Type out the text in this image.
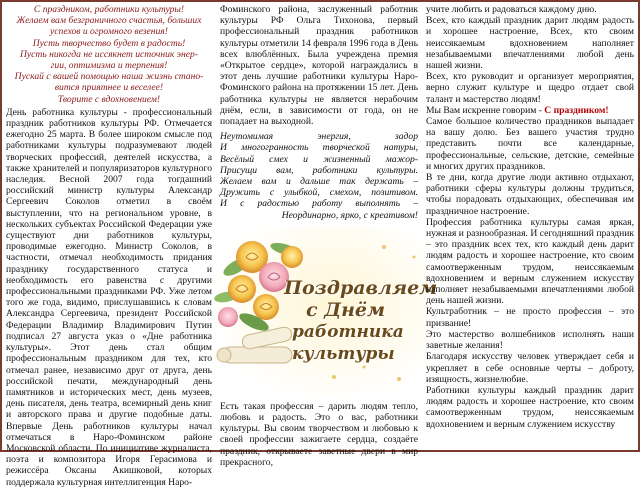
С праздником, работники культуры!
Желаем вам безграничного счастья, больших
успехов и огромного везения!
Пусть творчество будет в радость!
Пусть никогда не иссякнет источник энер-
гии, оптимизма и терпения!
Пускай с вашей помощью наша жизнь стано-
вится приятнее и веселее!
Творите с вдохновением!

День работника культуры - профессиональный праздник работников культуры РФ. Отмечается ежегодно 25 марта. В более широком смысле под работниками культуры подразумевают людей творческих профессий, деятелей искусства, а также хранителей и популяризаторов культурного наследия. Весной 2007 года тогдашний российский министр культуры Александр Сергеевич Соколов отметил в своём выступлении, что на региональном уровне, в нескольких субъектах Российской Федерации уже существуют дни работников культуры, проводимые ежегодно. Министр Соколов, в частности, отмечал необходимость придания празднику государственного статуса и необходимость его равенства с другими профессиональными праздниками РФ. Уже летом того же года, видимо, прислушавшись к словам Александра Сергеевича, президент Российской Федерации Владимир Владимирович Путин подписал 27 августа указ о «Дне работника культуры». Этот день стал общим профессиональным праздником для тех, кто отмечал ранее, независимо друг от друга, день российской печати, международный день памятников и исторических мест, день музеев, день писателя, день театра, всемирный день книг и авторского права и другие подобные даты. Впервые День работников культуры начал отмечаться в Наро-Фоминском районе Московской области. По инициативе журналиста, поэта и композитора Игоря Герасимова и режиссёра Оксаны Акишковой, которых поддержала культурная интеллигенция Наро-

Фоминского района, заслуженный работник культуры РФ Ольга Тихонова, первый профессиональный праздник работников культуры отметили 14 февраля 1996 года в День всех влюблённых. Была учреждена премия «Открытое сердце», которой награждались в этот день лучшие работники культуры Наро-Фоминского района на протяжении 15 лет. День работника культуры не является нерабочим днём, если, в зависимости от года, он не попадает на выходной.

Неутомимая энергия, задор
И многогранность творческой натуры,
Весёлый смех и жизненный мажор-
Присущи вам, работники культуры.
Желаем вам и дальше так держать –
Дружить с улыбкой, смехом, позитивом.
И с радостью работу выполнять –
Неординарно, ярко, с креативом!
Поздравляем
с Днём
работника культуры

Есть такая профессия – дарить людям тепло, любовь и радость. Это о вас, работники культуры. Вы своим творчеством и любовью к своей профессии зажигаете сердца, создаёте праздник, открываете заветные двери в мир прекрасного,

учите любить и радоваться каждому дню.

Всех, кто каждый праздник дарит людям радость и хорошее настроение, Всех, кто своим неиссякаемым вдохновением наполняет незабываемыми впечатлениями любой день нашей жизни.

Всех, кто руководит и организует мероприятия, верно служит культуре и щедро отдает свой талант и мастерство людям!

Мы Вам искренне говорим - С праздником!

Самое большое количество праздников выпадает на вашу долю. Без вашего участия трудно представить почти все календарные, профессиональные, сельские, детские, семейные и многих других праздников.

В те дни, когда другие люди активно отдыхают, работники сферы культуры должны трудиться, чтобы порадовать отдыхающих, обеспечивая им праздничное настроение.

Профессия работника культуры самая яркая, нужная и разнообразная. И сегодняшний праздник – это праздник всех тех, кто каждый день дарит людям радость и хорошее настроение, кто своим самоотверженным трудом, неиссякаемым вдохновением и верным служением искусству наполняет незабываемыми впечатлениями любой день нашей жизни.

Культработник – не просто профессия – это призвание!

Это мастерство волшебников исполнять наши заветные желания!

Благодаря искусству человек утверждает себя и укрепляет в себе основные черты – доброту, изящность, жизнелюбие.

Работники культуры каждый праздник дарит людям радость и хорошее настроение, кто своим самоотверженным трудом, неиссякаемым вдохновением и верным служением искусству
